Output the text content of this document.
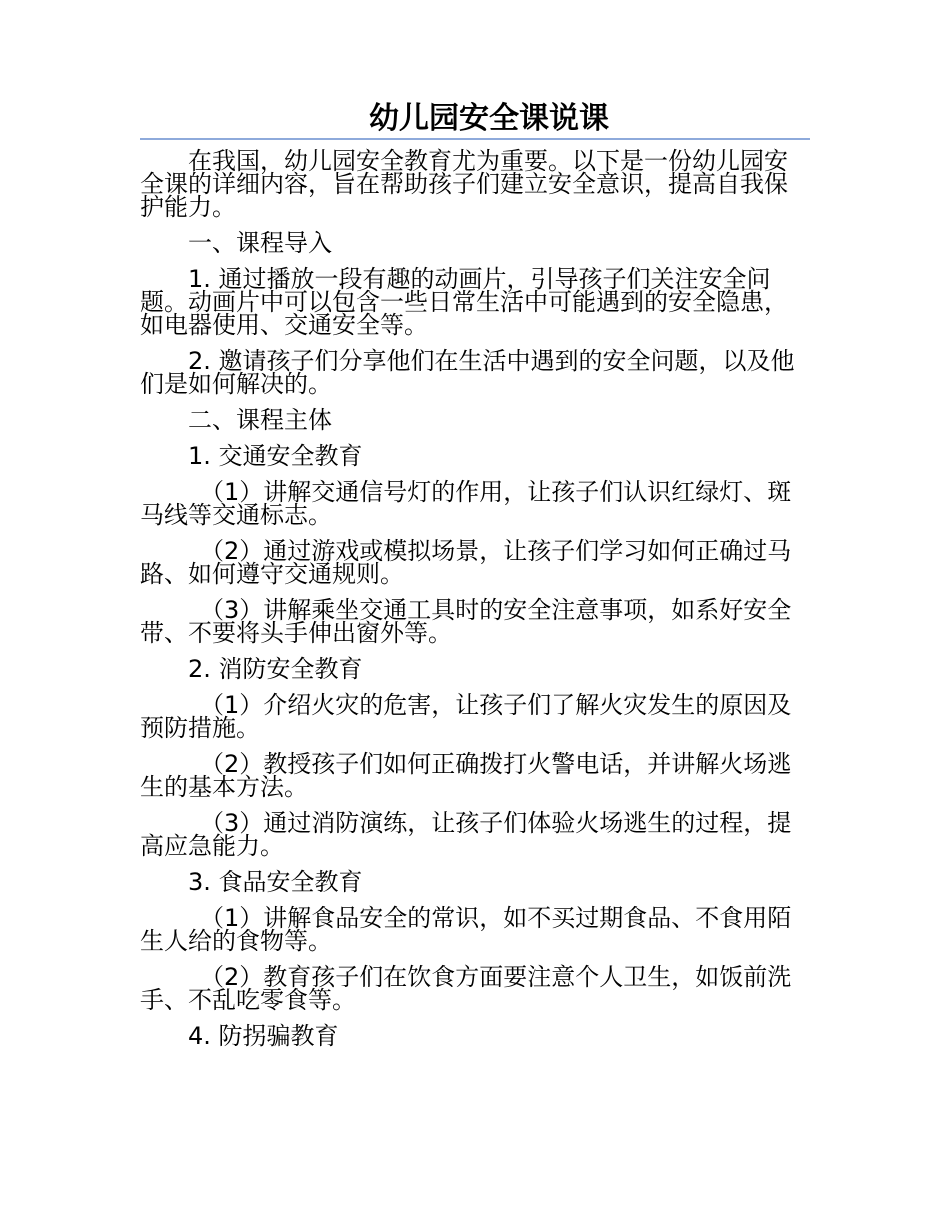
幼儿园安全课说课

在我国，幼儿园安全教育尤为重要。以下是一份幼儿园安全课的详细内容，旨在帮助孩子们建立安全意识，提高自我保护能力。

一、课程导入

1. 通过播放一段有趣的动画片，引导孩子们关注安全问题。动画片中可以包含一些日常生活中可能遇到的安全隐患，如电器使用、交通安全等。

2. 邀请孩子们分享他们在生活中遇到的安全问题，以及他们是如何解决的。

二、课程主体

1. 交通安全教育

（1）讲解交通信号灯的作用，让孩子们认识红绿灯、斑马线等交通标志。

（2）通过游戏或模拟场景，让孩子们学习如何正确过马路、如何遵守交通规则。

（3）讲解乘坐交通工具时的安全注意事项，如系好安全带、不要将头手伸出窗外等。

2. 消防安全教育

（1）介绍火灾的危害，让孩子们了解火灾发生的原因及预防措施。

（2）教授孩子们如何正确拨打火警电话，并讲解火场逃生的基本方法。

（3）通过消防演练，让孩子们体验火场逃生的过程，提高应急能力。

3. 食品安全教育

（1）讲解食品安全的常识，如不买过期食品、不食用陌生人给的食物等。

（2）教育孩子们在饮食方面要注意个人卫生，如饭前洗手、不乱吃零食等。

4. 防拐骗教育
